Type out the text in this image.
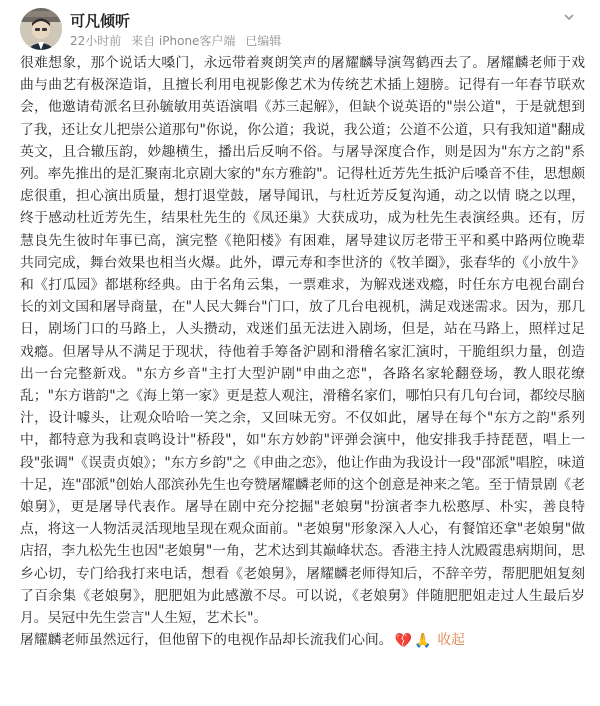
可凡倾听
22小时前 来自 iPhone客户端 已编辑

很难想象，那个说话大嗓门，永远带着爽朗笑声的屠耀麟导演驾鹤西去了。屠耀麟老师于戏曲与曲艺有极深造诣，且擅长利用电视影像艺术为传统艺术插上翅膀。记得有一年春节联欢会，他邀请荀派名旦孙毓敏用英语演唱《苏三起解》，但缺个说英语的"崇公道"，于是就想到了我，还让女儿把崇公道那句"你说，你公道；我说，我公道；公道不公道，只有我知道"翻成英文，且合辙压韵，妙趣横生，播出后反响不俗。与屠导深度合作，则是因为"东方之韵"系列。率先推出的是汇聚南北京剧大家的"东方雅韵"。记得杜近芳先生抵沪后嗓音不佳，思想颇虑很重，担心演出质量，想打退堂鼓，屠导闻讯，与杜近芳反复沟通，动之以情 晓之以理，终于感动杜近芳先生，结果杜先生的《凤还巢》大获成功，成为杜先生表演经典。还有，厉慧良先生彼时年事已高，演完整《艳阳楼》有困难，屠导建议厉老带王平和奚中路两位晚辈共同完成，舞台效果也相当火爆。此外，谭元寿和李世济的《牧羊圈》，张春华的《小放牛》和《打瓜园》都堪称经典。由于名角云集，一票难求，为解戏迷戏瘾，时任东方电视台副台长的刘文国和屠导商量，在"人民大舞台"门口，放了几台电视机，满足戏迷需求。因为，那几日，剧场门口的马路上，人头攒动，戏迷们虽无法进入剧场，但是，站在马路上，照样过足戏瘾。但屠导从不满足于现状，待他着手筹备沪剧和滑稽名家汇演时，干脆组织力量，创造出一台完整新戏。"东方乡音"主打大型沪剧"申曲之恋"，各路名家轮翻登场，教人眼花缭乱；"东方谐韵"之《海上第一家》更是惹人观注，滑稽名家们，哪怕只有几句台词，都绞尽脑汁，设计噱头，让观众哈哈一笑之余，又回味无穷。不仅如此，屠导在每个"东方之韵"系列中，都特意为我和袁鸣设计"桥段"，如"东方妙韵"评弹会演中，他安排我手持琵琶，唱上一段"张调"《误责贞娘》；"东方乡韵"之《申曲之恋》，他让作曲为我设计一段"邵派"唱腔，味道十足，连"邵派"创始人邵滨孙先生也夸赞屠耀麟老师的这个创意是神来之笔。至于情景剧《老娘舅》，更是屠导代表作。屠导在剧中充分挖掘"老娘舅"扮演者李九松憨厚、朴实，善良特点，将这一人物活灵活现地呈现在观众面前。"老娘舅"形象深入人心，有餐馆还拿"老娘舅"做店招，李九松先生也因"老娘舅"一角，艺术达到其巅峰状态。香港主持人沈殿霞患病期间，思乡心切，专门给我打来电话，想看《老娘舅》，屠耀麟老师得知后，不辞辛劳，帮肥肥姐复刻了百余集《老娘舅》，肥肥姐为此感激不尽。可以说，《老娘舅》伴随肥肥姐走过人生最后岁月。吴冠中先生尝言"人生短，艺术长"。

屠耀麟老师虽然远行，但他留下的电视作品却长流我们心间。 💔 🙏 收起
